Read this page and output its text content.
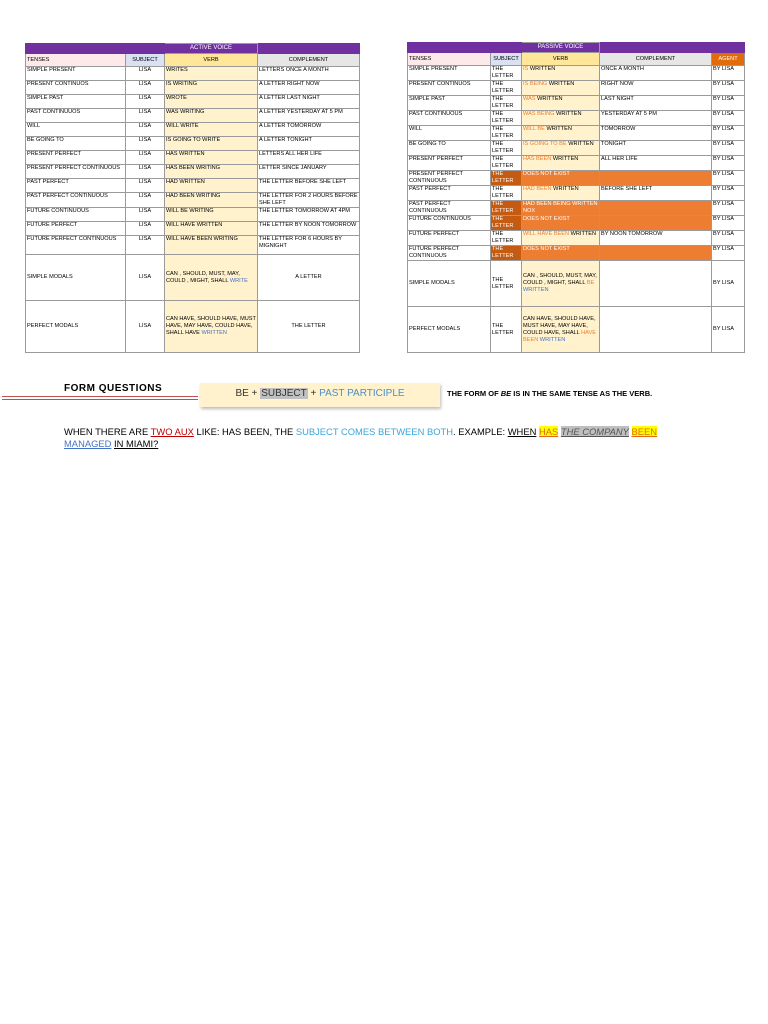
		ACTIVE VOICE	
TENSES	SUBJECT	VERB	COMPLEMENT
SIMPLE PRESENT	LISA	WRITES	LETTERS ONCE A MONTH
PRESENT CONTINUOS	LISA	IS WRITING	A LETTER RIGHT NOW
SIMPLE PAST	LISA	WROTE	A LETTER LAST NIGHT
PAST CONTINUUOS	LISA	WAS WRITING	A LETTER YESTERDAY AT 5 PM
WILL	LISA	WILL WRITE	A LETTER TOMORROW
BE GOING TO	LISA	IS GOING TO WRITE	A LETTER TONIGHT
PRESENT PERFECT	LISA	HAS WRITTEN	LETTERS ALL HER LIFE
PRESENT PERFECT CONTINUOUS	LISA	HAS BEEN WRITING	LETTER SINCE JANUARY
PAST PERFECT	LISA	HAD WRITTEN	THE LETTER BEFORE SHE LEFT
PAST PERFECT CONTINUOUS	LISA	HAD BEEN WRITING	THE LETTER FOR 2 HOURS BEFORE SHE LEFT
FUTURE CONTINUOUS	LISA	WILL BE WRITING	THE LETTER TOMORROW AT 4PM
FUTURE PERFECT	LISA	WILL HAVE WRITTEN	THE LETTER BY NOON TOMORROW
FUTURE PERFECT CONTINUOUS	LISA	WILL HAVE BEEN WRITING	THE LETTER FOR 6 HOURS BY MIGNIGHT
SIMPLE MODALS	LISA	CAN , SHOULD, MUST, MAY, COULD , MIGHT, SHALL WRITE	A LETTER
PERFECT MODALS	LISA	CAN HAVE, SHOULD HAVE, MUST HAVE, MAY HAVE, COULD HAVE, SHALL HAVE WRITTEN	THE LETTER
		PASSIVE VOICE		
TENSES	SUBJECT	VERB	COMPLEMENT	AGENT
SIMPLE PRESENT	THE LETTER	IS WRITTEN	ONCE A MONTH	BY LISA
PRESENT CONTINUOS	THE LETTER	IS BEING WRITTEN	RIGHT NOW	BY LISA
SIMPLE PAST	THE LETTER	WAS WRITTEN	LAST NIGHT	BY LISA
PAST CONTINUOUS	THE LETTER	WAS BEING WRITTEN	YESTERDAY AT 5 PM	BY LISA
WILL	THE LETTER	WILL BE WRITTEN	TOMORROW	BY LISA
BE GOING TO	THE LETTER	IS GOING TO BE WRITTEN	TONIGHT	BY LISA
PRESENT PERFECT	THE LETTER	HAS BEEN WRITTEN	ALL HER LIFE	BY LISA
PRESENT PERFECT CONTINUOUS	THE LETTER	DOES NOT EXIST		BY LISA
PAST PERFECT	THE LETTER	HAD BEEN WRITTEN	BEFORE SHE LEFT	BY LISA
PAST PERFECT CONTINUOUS	THE LETTER	HAD BEEN BEING WRITTEN NOX		BY LISA
FUTURE CONTINUOUS	THE LETTER	DOES NOT EXIST		BY LISA
FUTURE PERFECT	THE LETTER	WILL HAVE BEEN WRITTEN	BY NOON TOMORROW	BY LISA
FUTURE PERFECT CONTINUOUS	THE LETTER	DOES NOT EXIST		BY LISA
SIMPLE MODALS	THE LETTER	CAN , SHOULD, MUST, MAY, COULD , MIGHT, SHALL BE WRITTEN		BY LISA
PERFECT MODALS	THE LETTER	CAN HAVE, SHOULD HAVE, MUST HAVE, MAY HAVE, COULD HAVE, SHALL HAVE BEEN WRITTEN		BY LISA
FORM QUESTIONS	BE + SUBJECT + PAST PARTICIPLE	THE FORM OF BE IS IN THE SAME TENSE AS THE VERB.
WHEN THERE ARE TWO AUX LIKE: HAS BEEN, THE SUBJECT COMES BETWEEN BOTH. EXAMPLE: WHEN HAS THE COMPANY BEEN MANAGED IN MIAMI?
